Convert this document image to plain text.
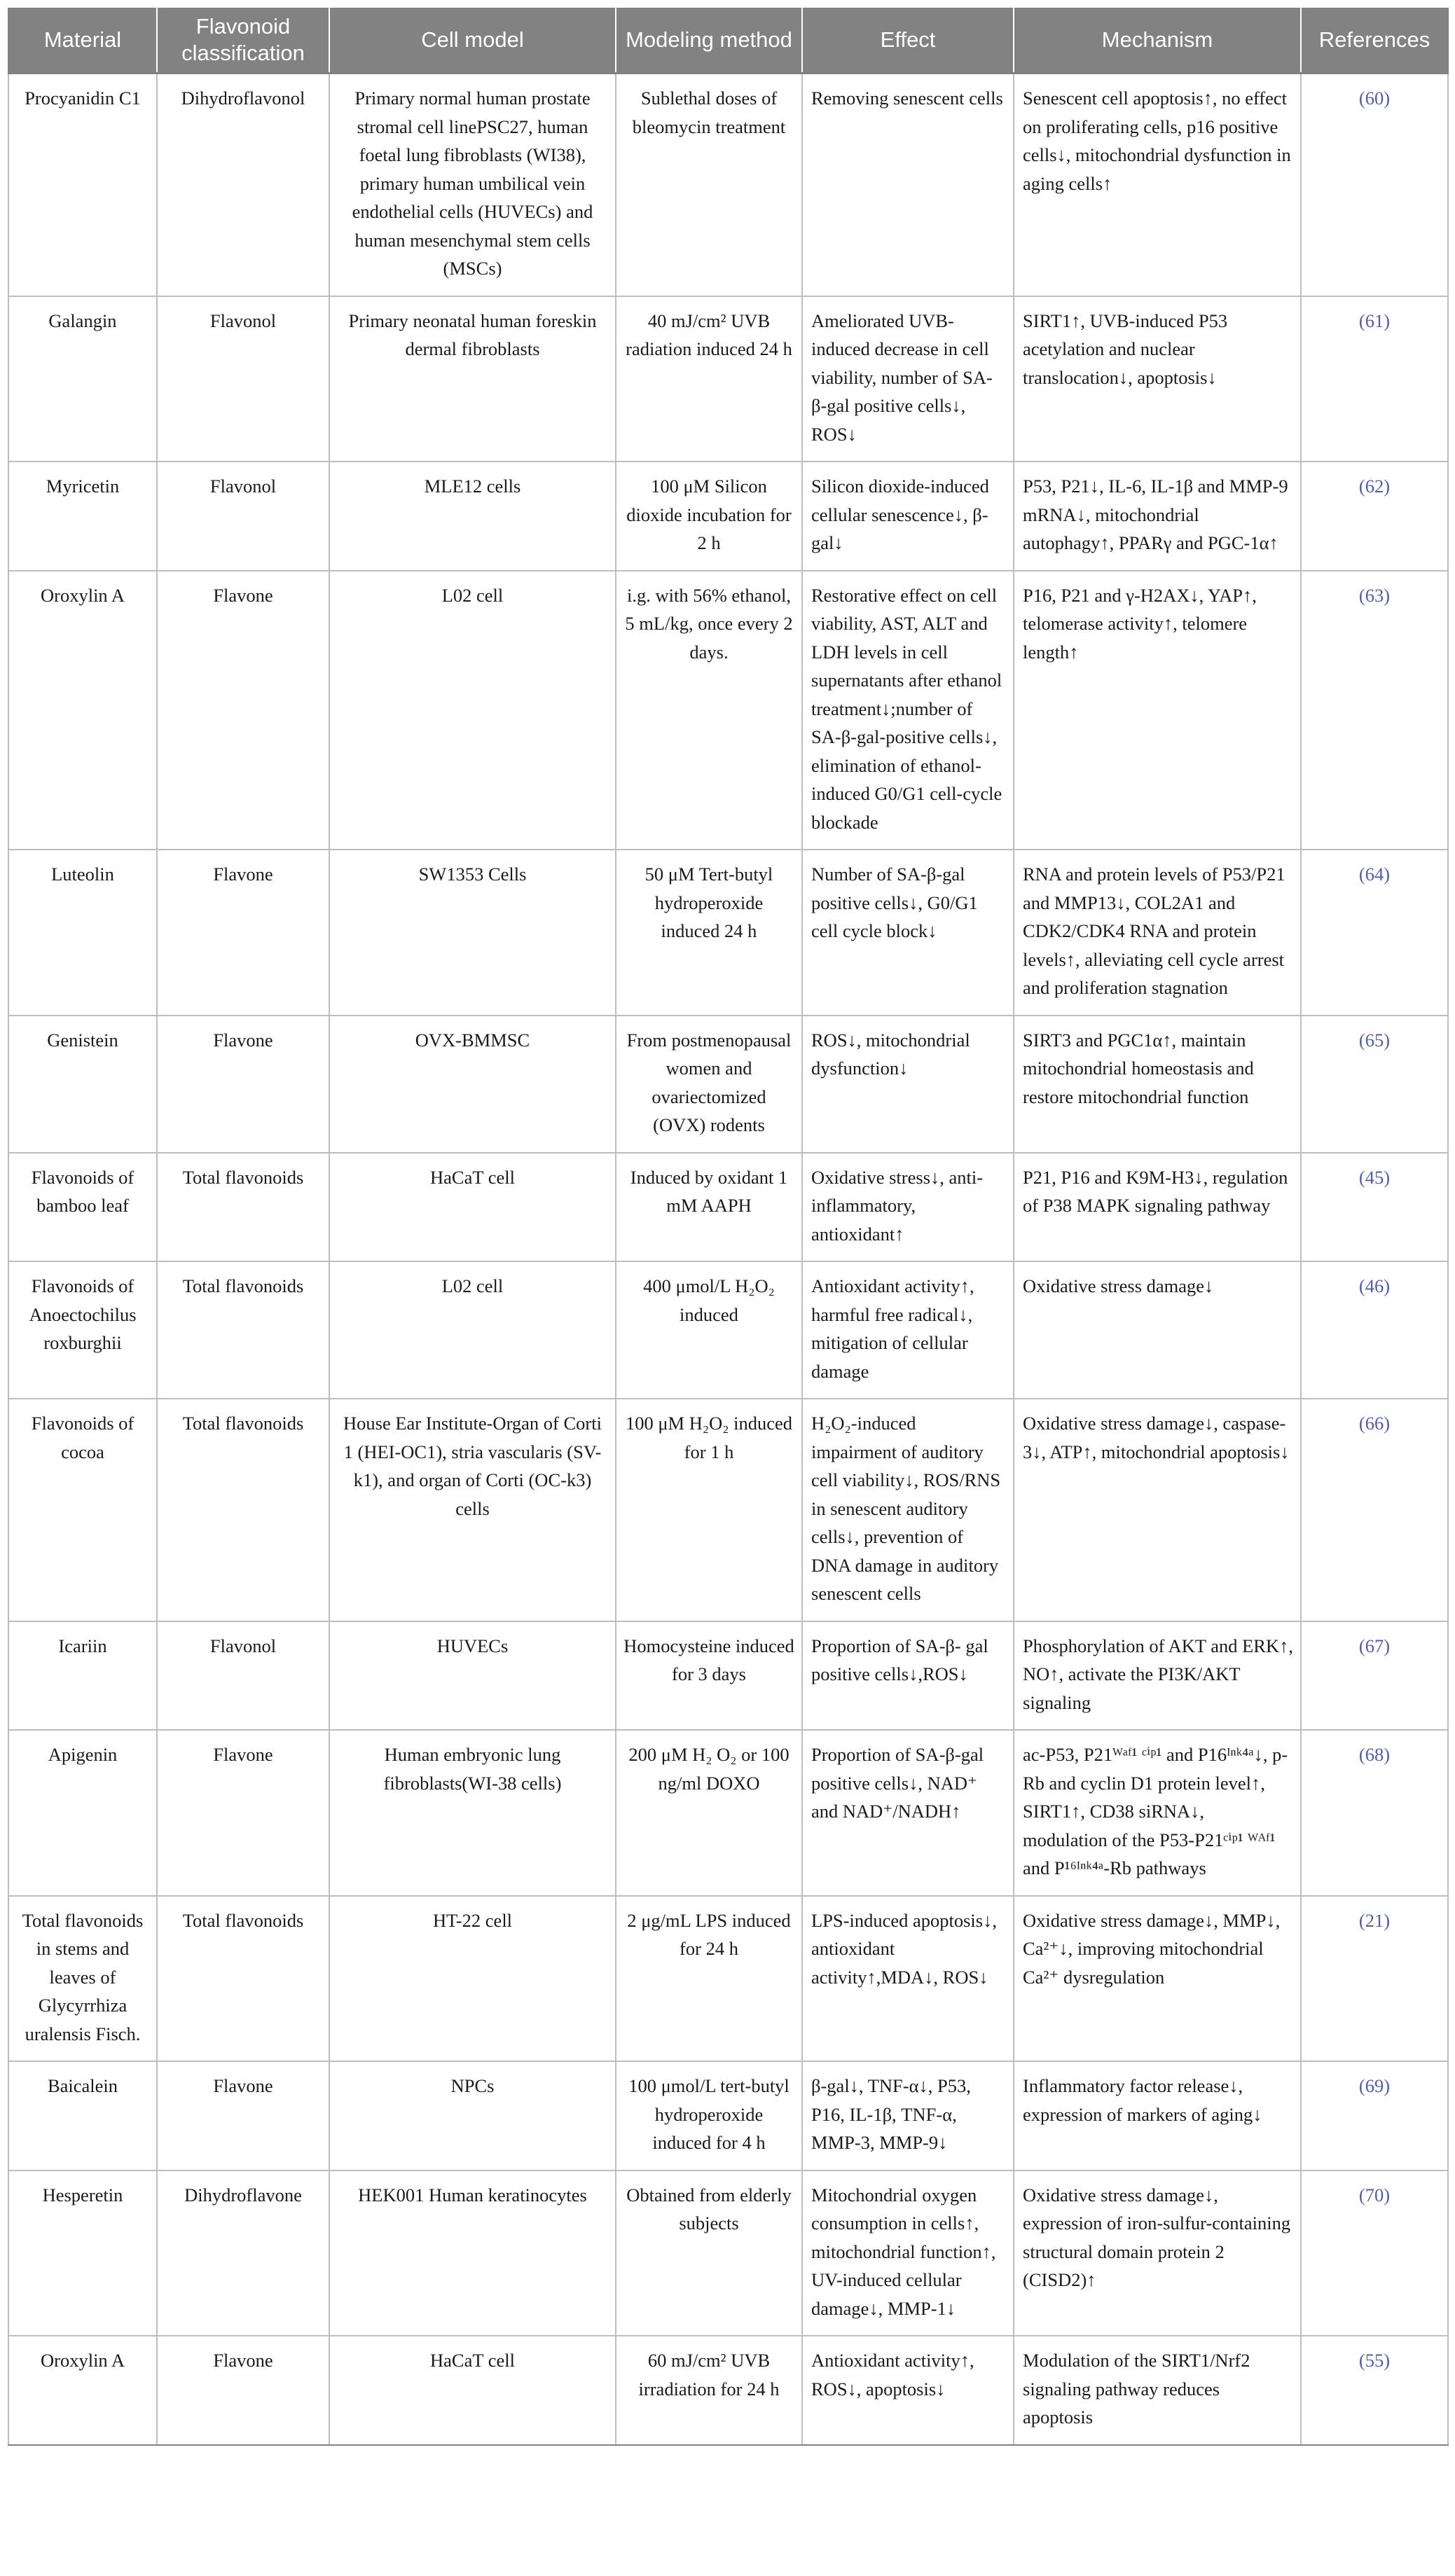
Material	Flavonoid classification	Cell model	Modeling method	Effect	Mechanism	References
Procyanidin C1	Dihydroflavonol	Primary normal human prostate stromal cell linePSC27, human foetal lung fibroblasts (WI38), primary human umbilical vein endothelial cells (HUVECs) and human mesenchymal stem cells (MSCs)	Sublethal doses of bleomycin treatment	Removing senescent cells	Senescent cell apoptosis↑, no effect on proliferating cells, p16 positive cells↓, mitochondrial dysfunction in aging cells↑	(60)
Galangin	Flavonol	Primary neonatal human foreskin dermal fibroblasts	40 mJ/cm² UVB radiation induced 24 h	Ameliorated UVB-induced decrease in cell viability, number of SA-β-gal positive cells↓, ROS↓	SIRT1↑, UVB-induced P53 acetylation and nuclear translocation↓, apoptosis↓	(61)
Myricetin	Flavonol	MLE12 cells	100 μM Silicon dioxide incubation for 2 h	Silicon dioxide-induced cellular senescence↓, β-gal↓	P53, P21↓, IL-6, IL-1β and MMP-9 mRNA↓, mitochondrial autophagy↑, PPARγ and PGC-1α↑	(62)
Oroxylin A	Flavone	L02 cell	i.g. with 56% ethanol, 5 mL/kg, once every 2 days.	Restorative effect on cell viability, AST, ALT and LDH levels in cell supernatants after ethanol treatment↓;number of SA-β-gal-positive cells↓, elimination of ethanol-induced G0/G1 cell-cycle blockade	P16, P21 and γ-H2AX↓, YAP↑, telomerase activity↑, telomere length↑	(63)
Luteolin	Flavone	SW1353 Cells	50 μM Tert-butyl hydroperoxide induced 24 h	Number of SA-β-gal positive cells↓, G0/G1 cell cycle block↓	RNA and protein levels of P53/P21 and MMP13↓, COL2A1 and CDK2/CDK4 RNA and protein levels↑, alleviating cell cycle arrest and proliferation stagnation	(64)
Genistein	Flavone	OVX-BMMSC	From postmenopausal women and ovariectomized (OVX) rodents	ROS↓, mitochondrial dysfunction↓	SIRT3 and PGC1α↑, maintain mitochondrial homeostasis and restore mitochondrial function	(65)
Flavonoids of bamboo leaf	Total flavonoids	HaCaT cell	Induced by oxidant 1 mM AAPH	Oxidative stress↓, anti-inflammatory, antioxidant↑	P21, P16 and K9M-H3↓, regulation of P38 MAPK signaling pathway	(45)
Flavonoids of Anoectochilus roxburghii	Total flavonoids	L02 cell	400 μmol/L H₂O₂ induced	Antioxidant activity↑, harmful free radical↓, mitigation of cellular damage	Oxidative stress damage↓	(46)
Flavonoids of cocoa	Total flavonoids	House Ear Institute-Organ of Corti 1 (HEI-OC1), stria vascularis (SV-k1), and organ of Corti (OC-k3) cells	100 μM H₂O₂ induced for 1 h	H₂O₂-induced impairment of auditory cell viability↓, ROS/RNS in senescent auditory cells↓, prevention of DNA damage in auditory senescent cells	Oxidative stress damage↓, caspase-3↓, ATP↑, mitochondrial apoptosis↓	(66)
Icariin	Flavonol	HUVECs	Homocysteine induced for 3 days	Proportion of SA-β- gal positive cells↓,ROS↓	Phosphorylation of AKT and ERK↑, NO↑, activate the PI3K/AKT signaling	(67)
Apigenin	Flavone	Human embryonic lung fibroblasts(WI-38 cells)	200 μM H₂ O₂ or 100 ng/ml DOXO	Proportion of SA-β-gal positive cells↓, NAD⁺ and NAD⁺/NADH↑	ac-P53, P21ᵂᵃᶠ¹ ᶜⁱᵖ¹ and P16ᴵⁿᵏ⁴ᵃ↓, p-Rb and cyclin D1 protein level↑, SIRT1↑, CD38 siRNA↓, modulation of the P53-P21ᶜⁱᵖ¹ ᵂᴬᶠ¹ and P¹⁶ᴵⁿᵏ⁴ᵃ-Rb pathways	(68)
Total flavonoids in stems and leaves of Glycyrrhiza uralensis Fisch.	Total flavonoids	HT-22 cell	2 μg/mL LPS induced for 24 h	LPS-induced apoptosis↓, antioxidant activity↑,MDA↓, ROS↓	Oxidative stress damage↓, MMP↓, Ca²⁺↓, improving mitochondrial Ca²⁺ dysregulation	(21)
Baicalein	Flavone	NPCs	100 μmol/L tert-butyl hydroperoxide induced for 4 h	β-gal↓, TNF-α↓, P53, P16, IL-1β, TNF-α, MMP-3, MMP-9↓	Inflammatory factor release↓, expression of markers of aging↓	(69)
Hesperetin	Dihydroflavone	HEK001 Human keratinocytes	Obtained from elderly subjects	Mitochondrial oxygen consumption in cells↑, mitochondrial function↑, UV-induced cellular damage↓, MMP-1↓	Oxidative stress damage↓, expression of iron-sulfur-containing structural domain protein 2 (CISD2)↑	(70)
Oroxylin A	Flavone	HaCaT cell	60 mJ/cm² UVB irradiation for 24 h	Antioxidant activity↑, ROS↓, apoptosis↓	Modulation of the SIRT1/Nrf2 signaling pathway reduces apoptosis	(55)
